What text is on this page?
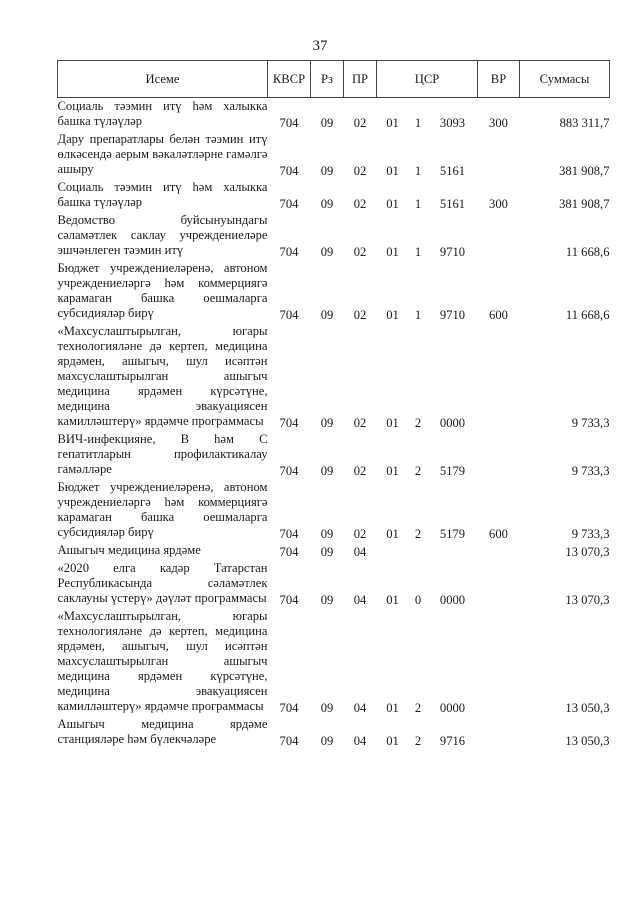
37
Исеме	КВСР	Рз	ПР	ЦСР			ВР	Суммасы
Социаль тәэмин итү һәм халыкка башка түләүләр	704	09	02	01	1	3093	300	883 311,7
Дару препаратлары белән тәэмин итү өлкәсендә аерым вәкаләтләрне гамәлгә ашыру	704	09	02	01	1	5161		381 908,7
Социаль тәэмин итү һәм халыкка башка түләүләр	704	09	02	01	1	5161	300	381 908,7
Ведомство буйсынуындагы сәламәтлек саклау учреждениеләре эшчәнлеген тәэмин итү	704	09	02	01	1	9710		11 668,6
Бюджет учреждениеләренә, автоном учреждениеләргә һәм коммерциягә карамаган башка оешмаларга субсидияләр бирү	704	09	02	01	1	9710	600	11 668,6
«Махсуслаштырылган, югары технологияләне дә кертеп, медицина ярдәмен, ашыгыч, шул исәптән махсуслаштырылган ашыгыч медицина ярдәмен күрсәтүне, медицина эвакуациясен камилләштерү» ярдәмче программасы	704	09	02	01	2	0000		9 733,3
ВИЧ-инфекцияне, В һәм С гепатитларын профилактикалау гамәлләре	704	09	02	01	2	5179		9 733,3
Бюджет учреждениеләренә, автоном учреждениеләргә һәм коммерциягә карамаган башка оешмаларга субсидияләр бирү	704	09	02	01	2	5179	600	9 733,3
Ашыгыч медицина ярдәме	704	09	04					13 070,3
«2020 елга кадәр Татарстан Республикасында сәламәтлек саклауны үстерү» дәүләт программасы	704	09	04	01	0	0000		13 070,3
«Махсуслаштырылган, югары технологияләне дә кертеп, медицина ярдәмен, ашыгыч, шул исәптән махсуслаштырылган ашыгыч медицина ярдәмен күрсәтүне, медицина эвакуациясен камилләштерү» ярдәмче программасы	704	09	04	01	2	0000		13 050,3
Ашыгыч медицина ярдәме станцияләре һәм бүлекчәләре	704	09	04	01	2	9716		13 050,3
